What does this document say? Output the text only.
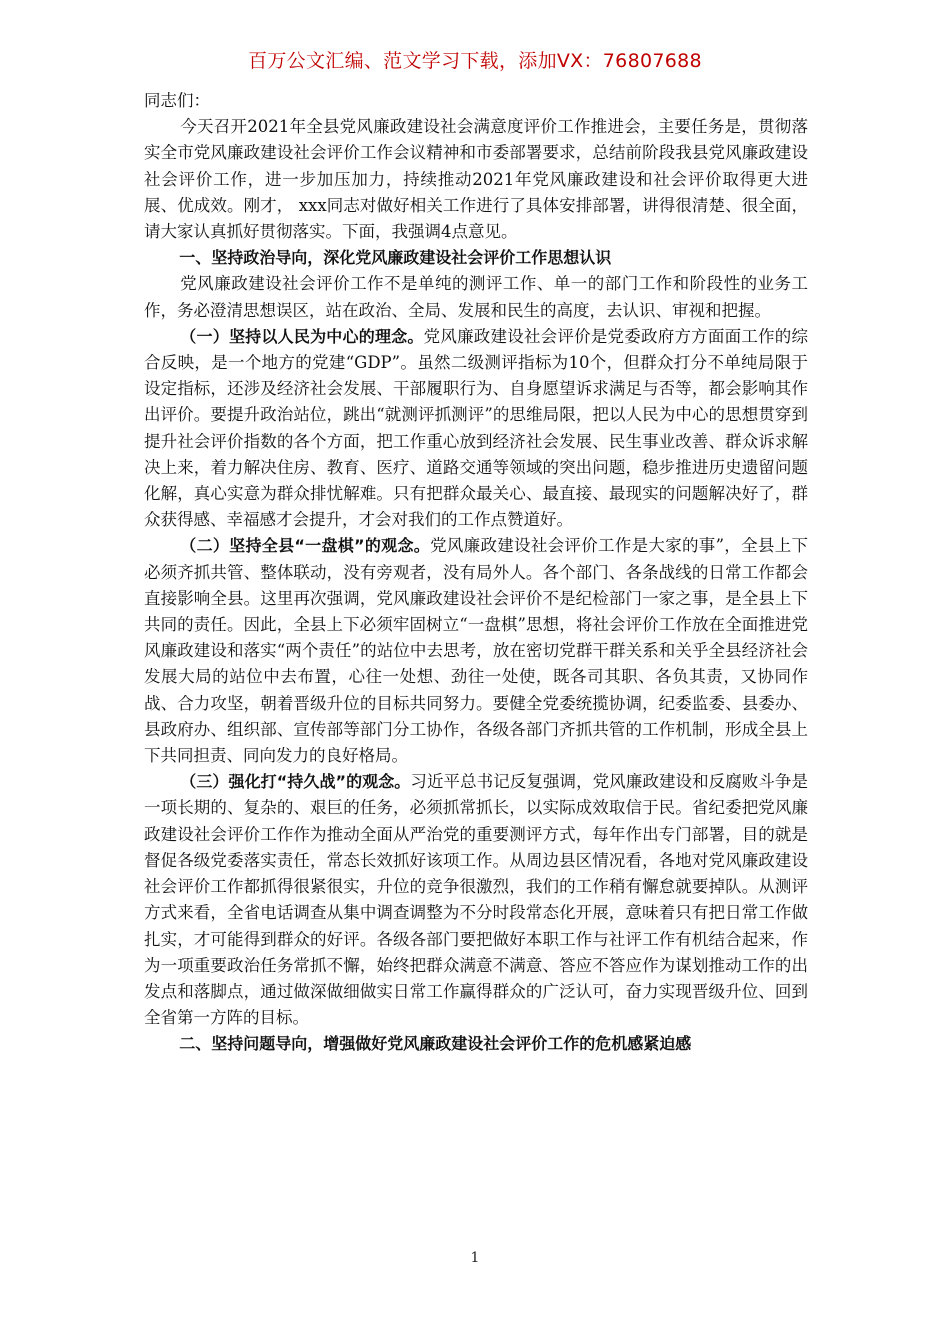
百万公文汇编、范文学习下载，添加VX：76807688

同志们：

今天召开2021年全县党风廉政建设社会满意度评价工作推进会，主要任务是，贯彻落实全市党风廉政建设社会评价工作会议精神和市委部署要求，总结前阶段我县党风廉政建设社会评价工作，进一步加压加力，持续推动2021年党风廉政建设和社会评价取得更大进展、优成效。刚才， xxx同志对做好相关工作进行了具体安排部署，讲得很清楚、很全面，请大家认真抓好贯彻落实。下面，我强调4点意见。

一、坚持政治导向，深化党风廉政建设社会评价工作思想认识

党风廉政建设社会评价工作不是单纯的测评工作、单一的部门工作和阶段性的业务工作，务必澄清思想误区，站在政治、全局、发展和民生的高度，去认识、审视和把握。

（一）坚持以人民为中心的理念。党风廉政建设社会评价是党委政府方方面面工作的综合反映，是一个地方的党建“GDP”。虽然二级测评指标为10个，但群众打分不单纯局限于设定指标，还涉及经济社会发展、干部履职行为、自身愿望诉求满足与否等，都会影响其作出评价。要提升政治站位，跳出“就测评抓测评”的思维局限，把以人民为中心的思想贯穿到提升社会评价指数的各个方面，把工作重心放到经济社会发展、民生事业改善、群众诉求解决上来，着力解决住房、教育、医疗、道路交通等领域的突出问题，稳步推进历史遗留问题化解，真心实意为群众排忧解难。只有把群众最关心、最直接、最现实的问题解决好了，群众获得感、幸福感才会提升，才会对我们的工作点赞道好。

（二）坚持全县“一盘棋”的观念。党风廉政建设社会评价工作是大家的事”，全县上下必须齐抓共管、整体联动，没有旁观者，没有局外人。各个部门、各条战线的日常工作都会直接影响全县。这里再次强调，党风廉政建设社会评价不是纪检部门一家之事，是全县上下共同的责任。因此，全县上下必须牢固树立“一盘棋”思想，将社会评价工作放在全面推进党风廉政建设和落实“两个责任”的站位中去思考，放在密切党群干群关系和关乎全县经济社会发展大局的站位中去布置，心往一处想、劲往一处使，既各司其职、各负其责，又协同作战、合力攻坚，朝着晋级升位的目标共同努力。要健全党委统揽协调，纪委监委、县委办、县政府办、组织部、宣传部等部门分工协作，各级各部门齐抓共管的工作机制，形成全县上下共同担责、同向发力的良好格局。

（三）强化打“持久战”的观念。习近平总书记反复强调，党风廉政建设和反腐败斗争是一项长期的、复杂的、艰巨的任务，必须抓常抓长，以实际成效取信于民。省纪委把党风廉政建设社会评价工作作为推动全面从严治党的重要测评方式，每年作出专门部署，目的就是督促各级党委落实责任，常态长效抓好该项工作。从周边县区情况看，各地对党风廉政建设社会评价工作都抓得很紧很实，升位的竞争很激烈，我们的工作稍有懈怠就要掉队。从测评方式来看，全省电话调查从集中调查调整为不分时段常态化开展，意味着只有把日常工作做扎实，才可能得到群众的好评。各级各部门要把做好本职工作与社评工作有机结合起来，作为一项重要政治任务常抓不懈，始终把群众满意不满意、答应不答应作为谋划推动工作的出发点和落脚点，通过做深做细做实日常工作赢得群众的广泛认可，奋力实现晋级升位、回到全省第一方阵的目标。

二、坚持问题导向，增强做好党风廉政建设社会评价工作的危机感紧迫感

1
